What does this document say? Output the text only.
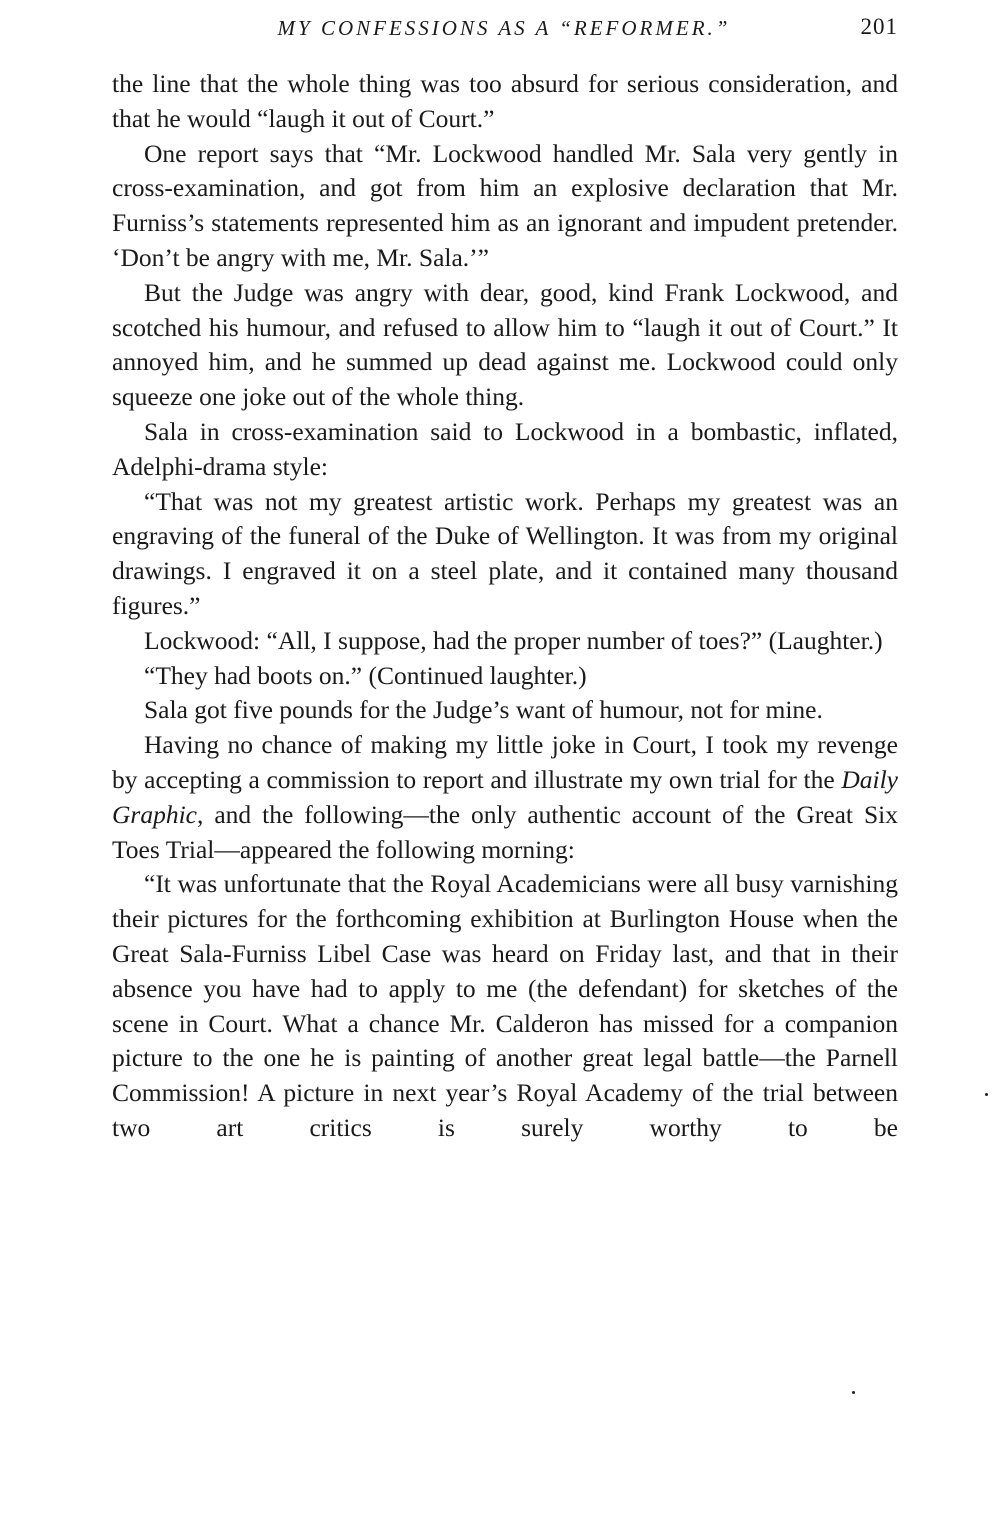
MY CONFESSIONS AS A “REFORMER.”	201

the line that the whole thing was too absurd for serious consideration, and that he would “laugh it out of Court.”

One report says that “Mr. Lockwood handled Mr. Sala very gently in cross-examination, and got from him an explosive declaration that Mr. Furniss’s statements represented him as an ignorant and impudent pretender. ‘Don’t be angry with me, Mr. Sala.’”

But the Judge was angry with dear, good, kind Frank Lockwood, and scotched his humour, and refused to allow him to “laugh it out of Court.” It annoyed him, and he summed up dead against me. Lockwood could only squeeze one joke out of the whole thing.

Sala in cross-examination said to Lockwood in a bombastic, inflated, Adelphi-drama style:

“That was not my greatest artistic work. Perhaps my greatest was an engraving of the funeral of the Duke of Wellington. It was from my original drawings. I engraved it on a steel plate, and it contained many thousand figures.”

Lockwood: “All, I suppose, had the proper number of toes?” (Laughter.)

“They had boots on.” (Continued laughter.)

Sala got five pounds for the Judge’s want of humour, not for mine.

Having no chance of making my little joke in Court, I took my revenge by accepting a commission to report and illustrate my own trial for the Daily Graphic, and the following—the only authentic account of the Great Six Toes Trial—appeared the following morning:

“It was unfortunate that the Royal Academicians were all busy varnishing their pictures for the forthcoming exhibition at Burlington House when the Great Sala-Furniss Libel Case was heard on Friday last, and that in their absence you have had to apply to me (the defendant) for sketches of the scene in Court. What a chance Mr. Calderon has missed for a companion picture to the one he is painting of another great legal battle—the Parnell Commission! A picture in next year’s Royal Academy of the trial between two art critics is surely worthy to be
